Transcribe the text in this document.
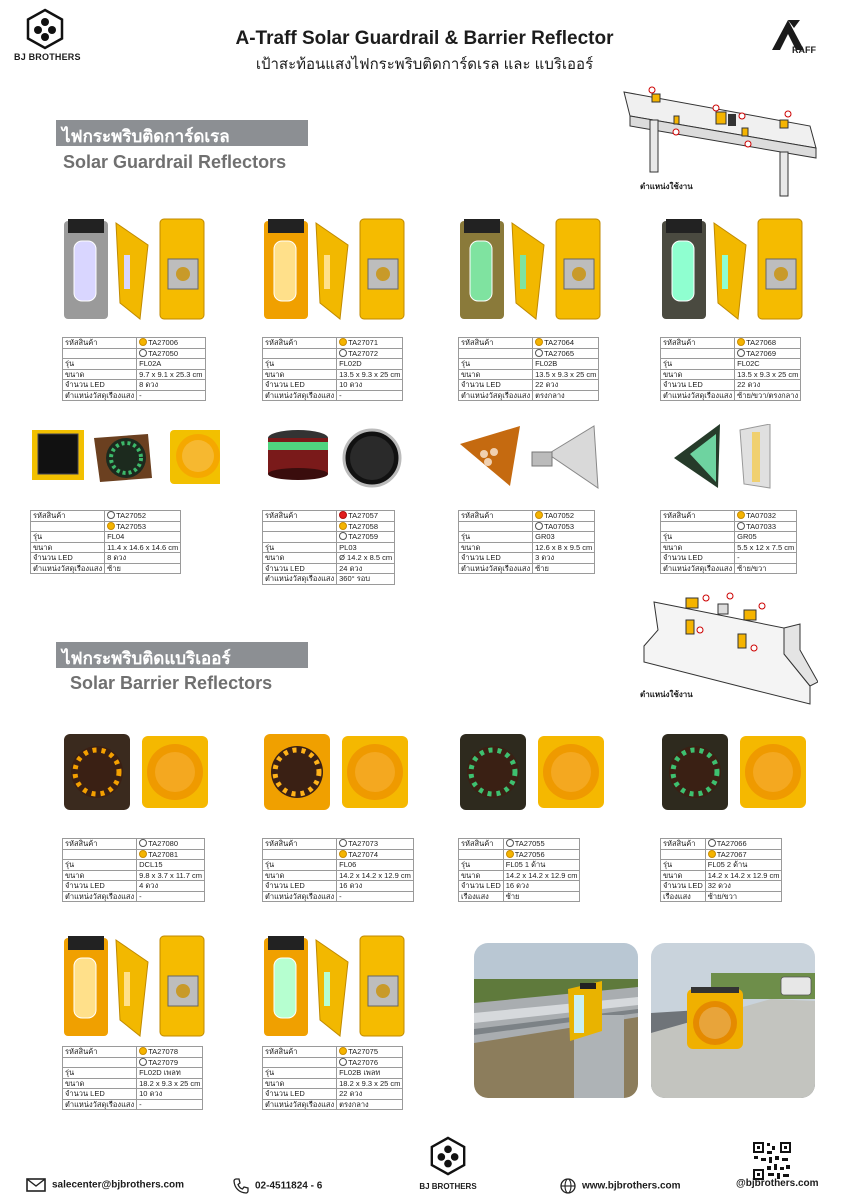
BJ BROTHERS
A-Traff Solar Guardrail & Barrier Reflector
เป้าสะท้อนแสงไฟกระพริบติดการ์ดเรล และ แบริเออร์
RAFF
ไฟกระพริบติดการ์ดเรล
Solar Guardrail Reflectors
ตำแหน่งใช้งาน
ไฟกระพริบติดแบริเออร์
Solar Barrier Reflectors
ตำแหน่งใช้งาน
รหัสสินค้า	TA27006
	TA27050
รุ่น	FL02A
ขนาด	9.7 x 9.1 x 25.3 cm
จำนวน LED	8 ดวง
ตำแหน่งวัสดุเรืองแสง	-
รหัสสินค้า	TA27071
	TA27072
รุ่น	FL02D
ขนาด	13.5 x 9.3 x 25 cm
จำนวน LED	10 ดวง
ตำแหน่งวัสดุเรืองแสง	-
รหัสสินค้า	TA27064
	TA27065
รุ่น	FL02B
ขนาด	13.5 x 9.3 x 25 cm
จำนวน LED	22 ดวง
ตำแหน่งวัสดุเรืองแสง	ตรงกลาง
รหัสสินค้า	TA27068
	TA27069
รุ่น	FL02C
ขนาด	13.5 x 9.3 x 25 cm
จำนวน LED	22 ดวง
ตำแหน่งวัสดุเรืองแสง	ซ้าย/ขวา/ตรงกลาง
รหัสสินค้า	TA27052
	TA27053
รุ่น	FL04
ขนาด	11.4 x 14.6 x 14.6 cm
จำนวน LED	8 ดวง
ตำแหน่งวัสดุเรืองแสง	ซ้าย
รหัสสินค้า	TA27057
	TA27058
	TA27059
รุ่น	PL03
ขนาด	Ø 14.2 x 8.5 cm
จำนวน LED	24 ดวง
ตำแหน่งวัสดุเรืองแสง	360° รอบ
รหัสสินค้า	TA07052
	TA07053
รุ่น	GR03
ขนาด	12.6 x 8 x 9.5 cm
จำนวน LED	3 ดวง
ตำแหน่งวัสดุเรืองแสง	ซ้าย
รหัสสินค้า	TA07032
	TA07033
รุ่น	GR05
ขนาด	5.5 x 12 x 7.5 cm
จำนวน LED	-
ตำแหน่งวัสดุเรืองแสง	ซ้าย/ขวา
รหัสสินค้า	TA27080
	TA27081
รุ่น	DCL15
ขนาด	9.8 x 3.7 x 11.7 cm
จำนวน LED	4 ดวง
ตำแหน่งวัสดุเรืองแสง	-
รหัสสินค้า	TA27073
	TA27074
รุ่น	FL06
ขนาด	14.2 x 14.2 x 12.9 cm
จำนวน LED	16 ดวง
ตำแหน่งวัสดุเรืองแสง	-
รหัสสินค้า	TA27055
	TA27056
รุ่น	FL05 1 ด้าน
ขนาด	14.2 x 14.2 x 12.9 cm
จำนวน LED	16 ดวง
เรืองแสง	ซ้าย
รหัสสินค้า	TA27066
	TA27067
รุ่น	FL05 2 ด้าน
ขนาด	14.2 x 14.2 x 12.9 cm
จำนวน LED	32 ดวง
เรืองแสง	ซ้าย/ขวา
รหัสสินค้า	TA27078
	TA27079
รุ่น	FL02D เพลท
ขนาด	18.2 x 9.3 x 25 cm
จำนวน LED	10 ดวง
ตำแหน่งวัสดุเรืองแสง	-
รหัสสินค้า	TA27075
	TA27076
รุ่น	FL02B เพลท
ขนาด	18.2 x 9.3 x 25 cm
จำนวน LED	22 ดวง
ตำแหน่งวัสดุเรืองแสง	ตรงกลาง
salecenter@bjbrothers.com	02-4511824 - 6	BJ BROTHERS	www.bjbrothers.com	@bjbrothers.com
